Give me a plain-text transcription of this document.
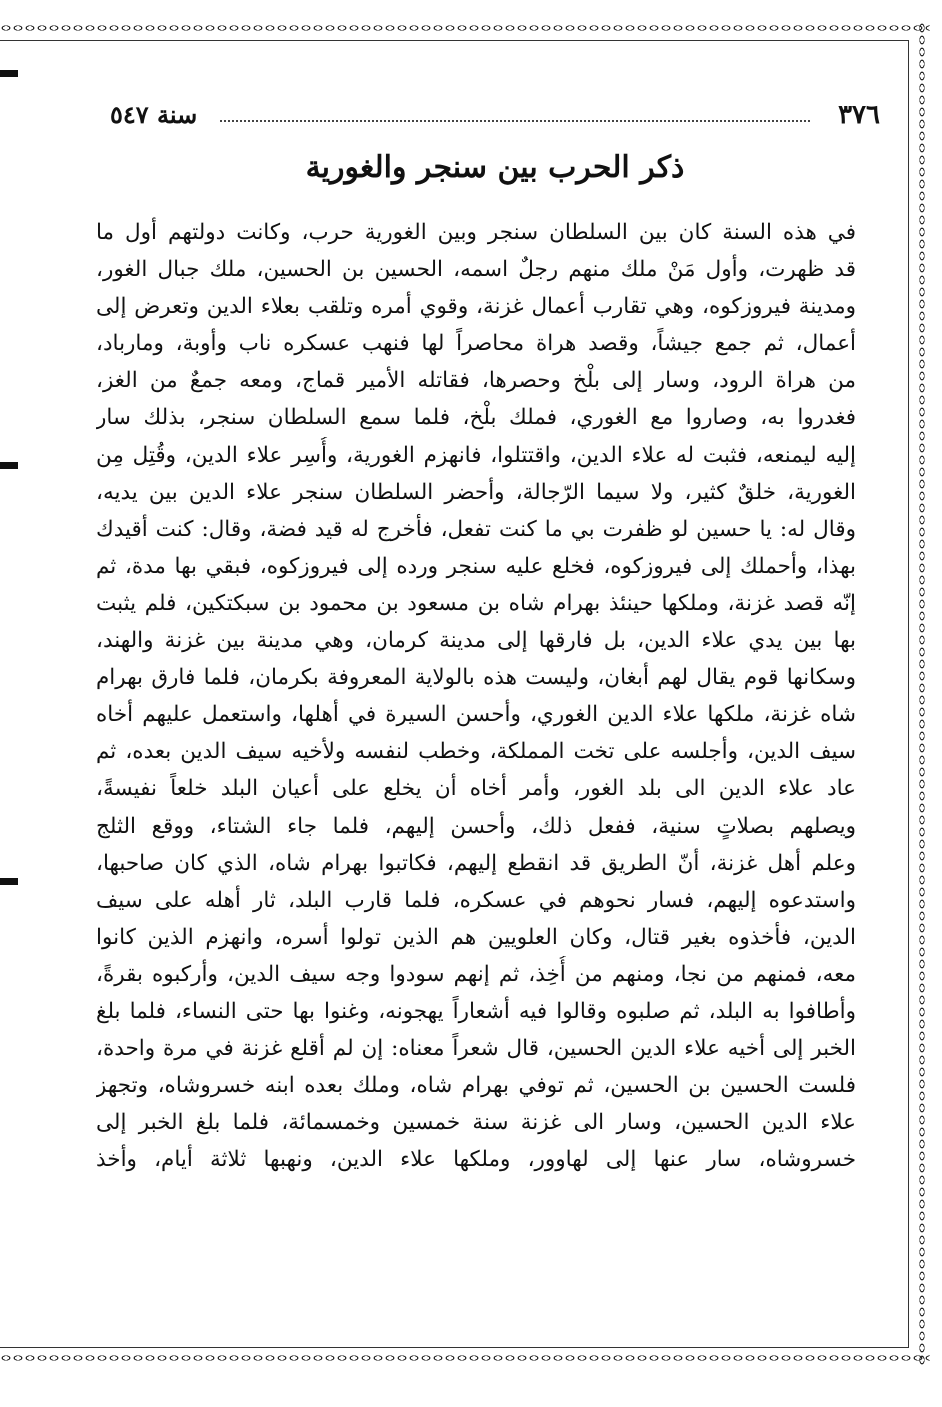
٣٧٦
سنة ٥٤٧
ذكر الحرب بين سنجر والغورية
في هذه السنة كان بين السلطان سنجر وبين الغورية حرب، وكانت دولتهم أول ما
قد ظهرت، وأول مَنْ ملك منهم رجلٌ اسمه، الحسين بن الحسين، ملك جبال الغور،
ومدينة فيروزكوه، وهي تقارب أعمال غزنة، وقوي أمره وتلقب بعلاء الدين وتعرض إلى
أعمال، ثم جمع جيشاً، وقصد هراة محاصراً لها فنهب عسكره ناب وأوبة، ومارباد،
من هراة الرود، وسار إلى بلْخ وحصرها، فقاتله الأمير قماج، ومعه جمعٌ من الغز،
فغدروا به، وصاروا مع الغوري، فملك بلْخ، فلما سمع السلطان سنجر، بذلك سار
إليه ليمنعه، فثبت له علاء الدين، واقتتلوا، فانهزم الغورية، وأُسِر علاء الدين، وقُتِل مِن
الغورية، خلقٌ كثير، ولا سيما الرّجالة، وأحضر السلطان سنجر علاء الدين بين يديه،
وقال له: يا حسين لو ظفرت بي ما كنت تفعل، فأخرج له قيد فضة، وقال: كنت أقيدك
بهذا، وأحملك إلى فيروزكوه، فخلع عليه سنجر ورده إلى فيروزكوه، فبقي بها مدة، ثم
إنّه قصد غزنة، وملكها حينئذ بهرام شاه بن مسعود بن محمود بن سبكتكين، فلم يثبت
بها بين يدي علاء الدين، بل فارقها إلى مدينة كرمان، وهي مدينة بين غزنة والهند،
وسكانها قوم يقال لهم أبغان، وليست هذه بالولاية المعروفة بكرمان، فلما فارق بهرام
شاه غزنة، ملكها علاء الدين الغوري، وأحسن السيرة في أهلها، واستعمل عليهم أخاه
سيف الدين، وأجلسه على تخت المملكة، وخطب لنفسه ولأخيه سيف الدين بعده، ثم
عاد علاء الدين الى بلد الغور، وأمر أخاه أن يخلع على أعيان البلد خلعاً نفيسةً،
ويصلهم بصلاتٍ سنية، ففعل ذلك، وأحسن إليهم، فلما جاء الشتاء، ووقع الثلج
وعلم أهل غزنة، أنّ الطريق قد انقطع إليهم، فكاتبوا بهرام شاه، الذي كان صاحبها،
واستدعوه إليهم، فسار نحوهم في عسكره، فلما قارب البلد، ثار أهله على سيف
الدين، فأخذوه بغير قتال، وكان العلويين هم الذين تولوا أسره، وانهزم الذين كانوا
معه، فمنهم من نجا، ومنهم من أُخِذ، ثم إنهم سودوا وجه سيف الدين، وأركبوه بقرةً،
وأطافوا به البلد، ثم صلبوه وقالوا فيه أشعاراً يهجونه، وغنوا بها حتى النساء، فلما بلغ
الخبر إلى أخيه علاء الدين الحسين، قال شعراً معناه: إن لم أقلع غزنة في مرة واحدة،
فلست الحسين بن الحسين، ثم توفي بهرام شاه، وملك بعده ابنه خسروشاه، وتجهز
علاء الدين الحسين، وسار الى غزنة سنة خمسين وخمسمائة، فلما بلغ الخبر إلى
خسروشاه، سار عنها إلى لهاوور، وملكها علاء الدين، ونهبها ثلاثة أيام، وأخذ
